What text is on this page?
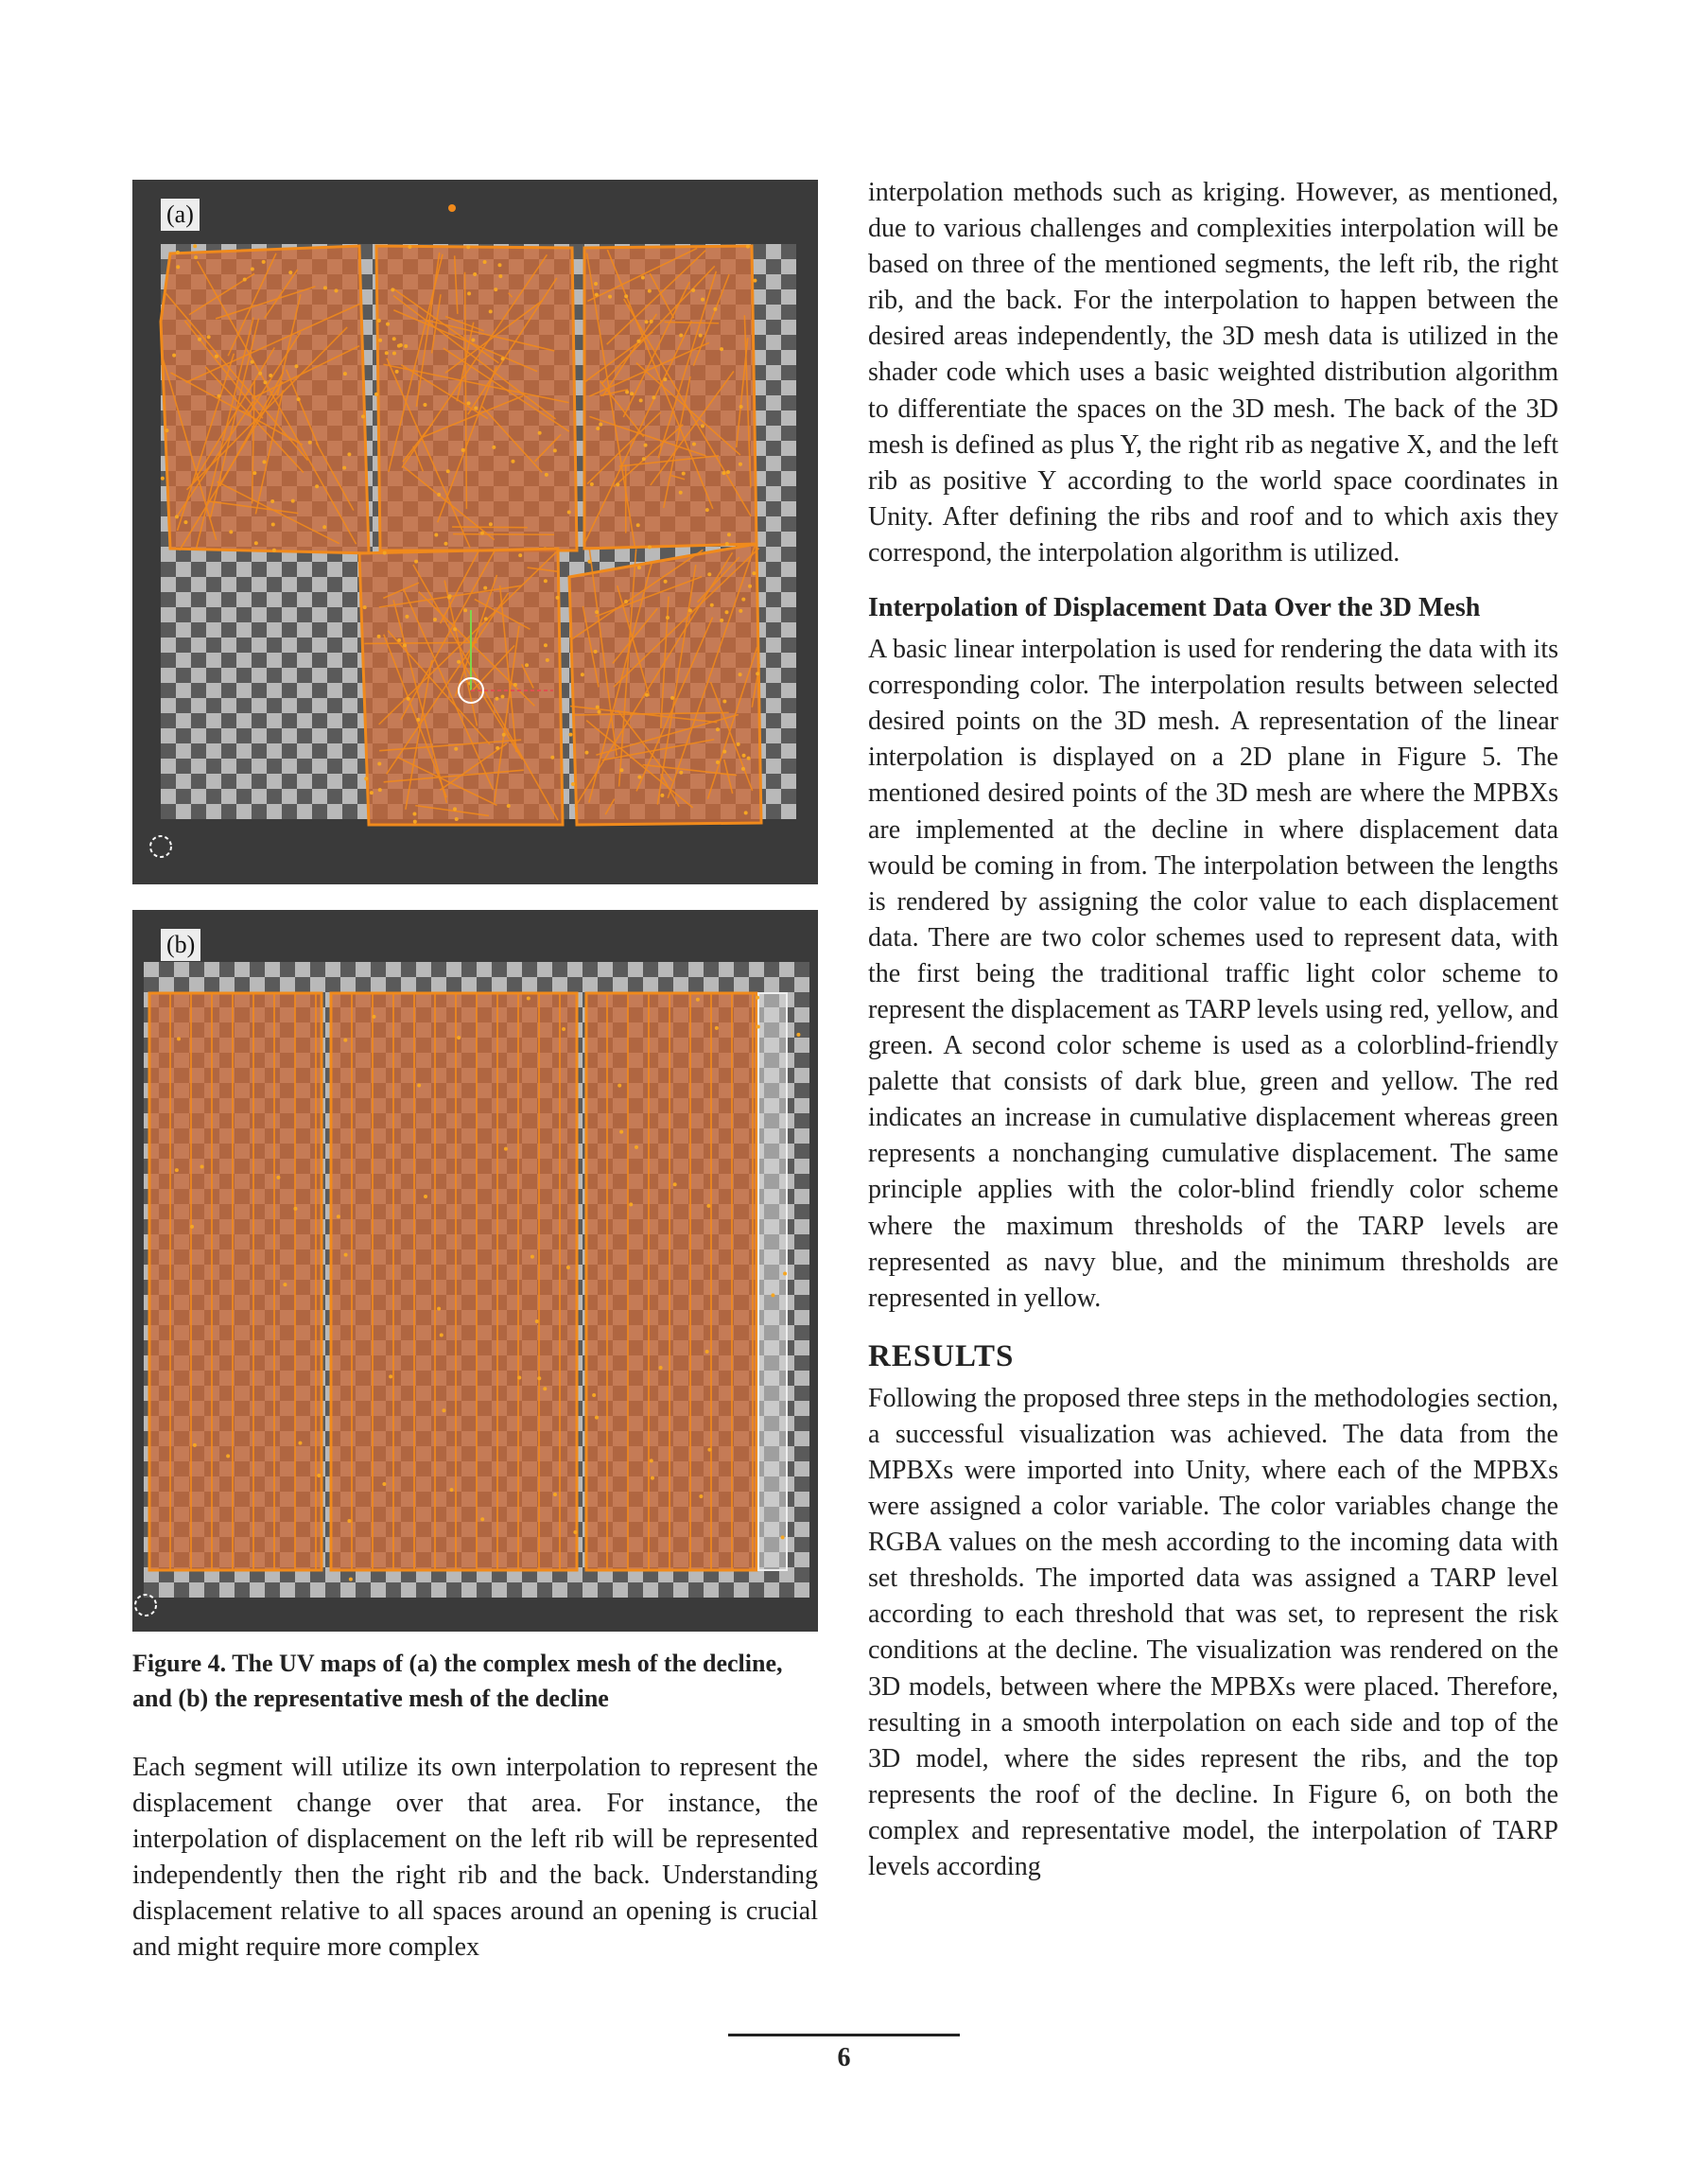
(a)
(b)

Figure 4. The UV maps of (a) the complex mesh of the decline, and (b) the representative mesh of the decline

Each segment will utilize its own interpolation to represent the displacement change over that area. For instance, the interpolation of displacement on the left rib will be represented independently then the right rib and the back. Understanding displacement relative to all spaces around an opening is crucial and might require more complex

interpolation methods such as kriging. However, as mentioned, due to various challenges and complexities interpolation will be based on three of the mentioned segments, the left rib, the right rib, and the back. For the interpolation to happen between the desired areas independently, the 3D mesh data is utilized in the shader code which uses a basic weighted distribution algorithm to differentiate the spaces on the 3D mesh. The back of the 3D mesh is defined as plus Y, the right rib as negative X, and the left rib as positive Y according to the world space coordinates in Unity. After defining the ribs and roof and to which axis they correspond, the interpolation algorithm is utilized.

Interpolation of Displacement Data Over the 3D Mesh

A basic linear interpolation is used for rendering the data with its corresponding color. The interpolation results between selected desired points on the 3D mesh. A representation of the linear interpolation is displayed on a 2D plane in Figure 5. The mentioned desired points of the 3D mesh are where the MPBXs are implemented at the decline in where displacement data would be coming in from. The interpolation between the lengths is rendered by assigning the color value to each displacement data. There are two color schemes used to represent data, with the first being the traditional traffic light color scheme to represent the displacement as TARP levels using red, yellow, and green. A second color scheme is used as a colorblind-friendly palette that consists of dark blue, green and yellow. The red indicates an increase in cumulative displacement whereas green represents a nonchanging cumulative displacement. The same principle applies with the color-blind friendly color scheme where the maximum thresholds of the TARP levels are represented as navy blue, and the minimum thresholds are represented in yellow.

RESULTS

Following the proposed three steps in the methodologies section, a successful visualization was achieved. The data from the MPBXs were imported into Unity, where each of the MPBXs were assigned a color variable. The color variables change the RGBA values on the mesh according to the incoming data with set thresholds. The imported data was assigned a TARP level according to each threshold that was set, to represent the risk conditions at the decline. The visualization was rendered on the 3D models, between where the MPBXs were placed. Therefore, resulting in a smooth interpolation on each side and top of the 3D model, where the sides represent the ribs, and the top represents the roof of the decline. In Figure 6, on both the complex and representative model, the interpolation of TARP levels according

6
